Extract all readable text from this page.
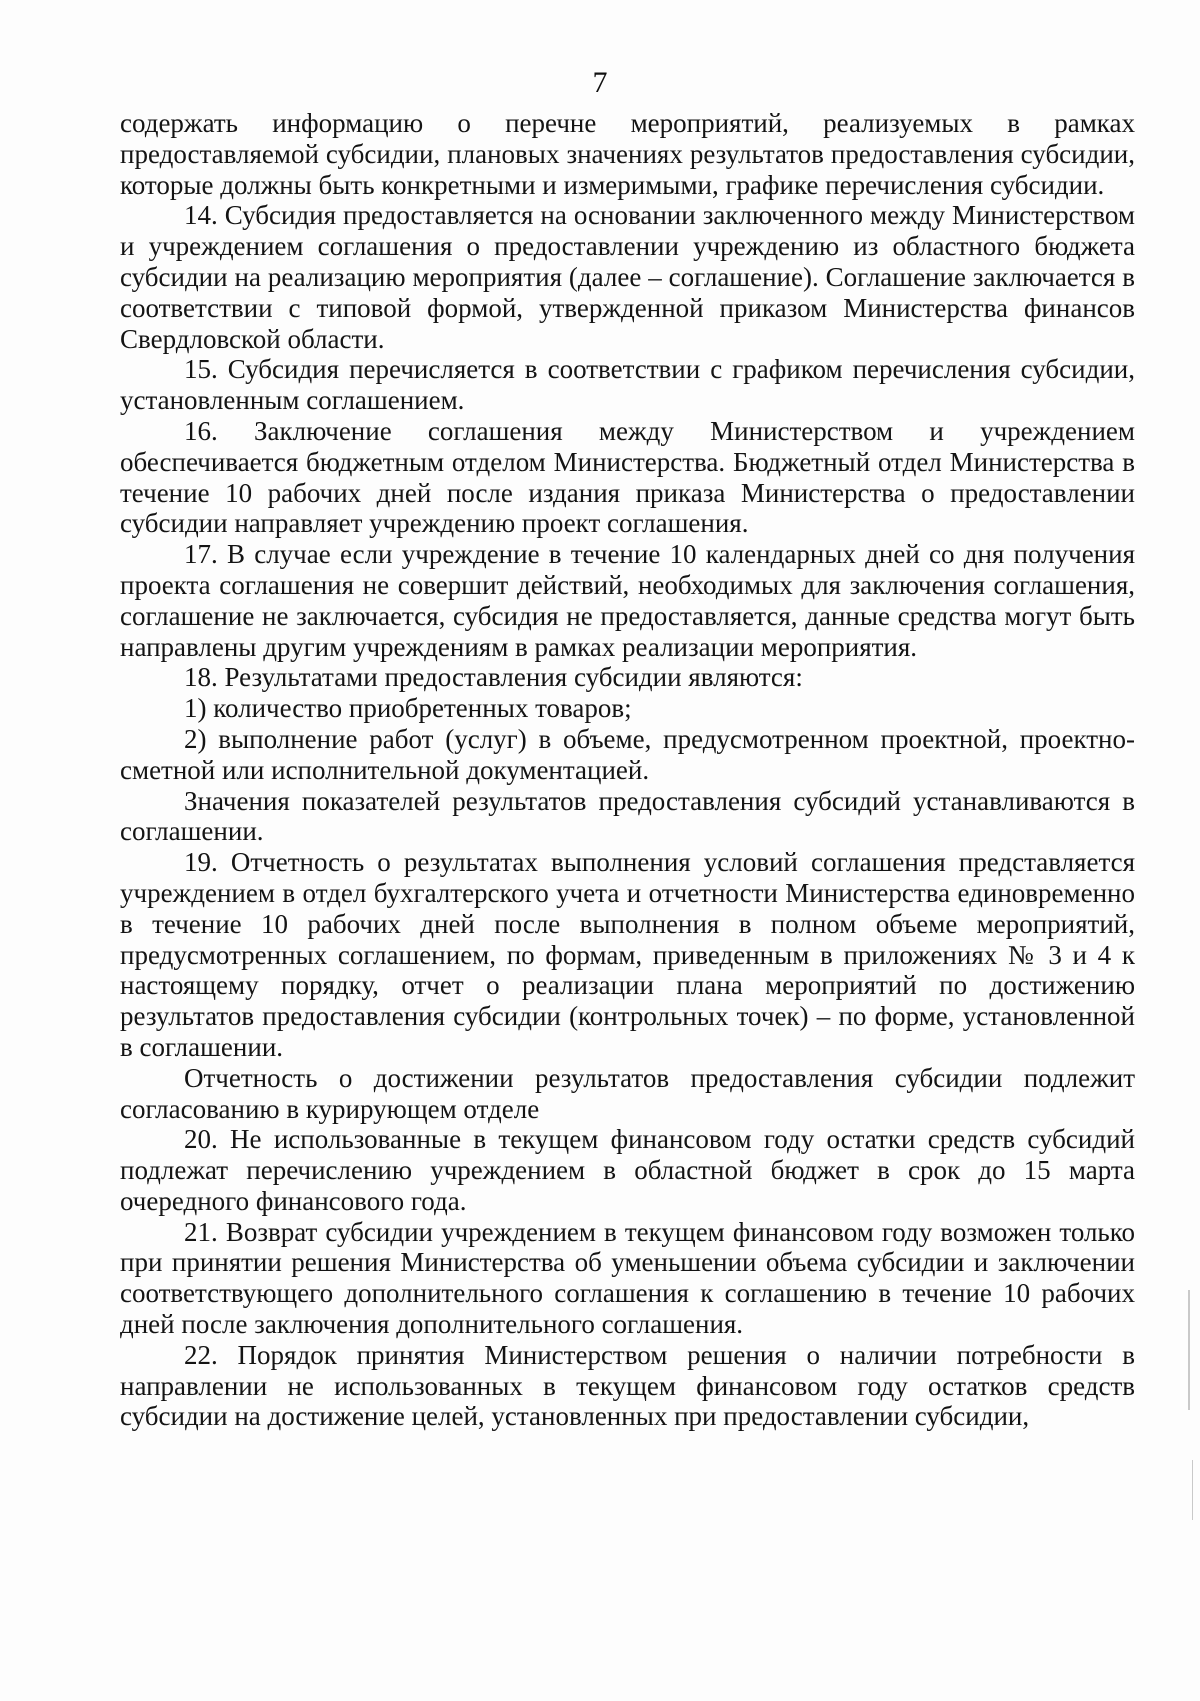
7

содержать информацию о перечне мероприятий, реализуемых в рамках предоставляемой субсидии, плановых значениях результатов предоставления субсидии, которые должны быть конкретными и измеримыми, графике перечисления субсидии.

14. Субсидия предоставляется на основании заключенного между Министерством и учреждением соглашения о предоставлении учреждению из областного бюджета субсидии на реализацию мероприятия (далее – соглашение). Соглашение заключается в соответствии с типовой формой, утвержденной приказом Министерства финансов Свердловской области.

15. Субсидия перечисляется в соответствии с графиком перечисления субсидии, установленным соглашением.

16. Заключение соглашения между Министерством и учреждением обеспечивается бюджетным отделом Министерства. Бюджетный отдел Министерства в течение 10 рабочих дней после издания приказа Министерства о предоставлении субсидии направляет учреждению проект соглашения.

17. В случае если учреждение в течение 10 календарных дней со дня получения проекта соглашения не совершит действий, необходимых для заключения соглашения, соглашение не заключается, субсидия не предоставляется, данные средства могут быть направлены другим учреждениям в рамках реализации мероприятия.

18. Результатами предоставления субсидии являются:

1) количество приобретенных товаров;

2) выполнение работ (услуг) в объеме, предусмотренном проектной, проектно-сметной или исполнительной документацией.

Значения показателей результатов предоставления субсидий устанавливаются в соглашении.

19. Отчетность о результатах выполнения условий соглашения представляется учреждением в отдел бухгалтерского учета и отчетности Министерства единовременно в течение 10 рабочих дней после выполнения в полном объеме мероприятий, предусмотренных соглашением, по формам, приведенным в приложениях № 3 и 4 к настоящему порядку, отчет о реализации плана мероприятий по достижению результатов предоставления субсидии (контрольных точек) – по форме, установленной в соглашении.

Отчетность о достижении результатов предоставления субсидии подлежит согласованию в курирующем отделе

20. Не использованные в текущем финансовом году остатки средств субсидий подлежат перечислению учреждением в областной бюджет в срок до 15 марта очередного финансового года.

21. Возврат субсидии учреждением в текущем финансовом году возможен только при принятии решения Министерства об уменьшении объема субсидии и заключении соответствующего дополнительного соглашения к соглашению в течение 10 рабочих дней после заключения дополнительного соглашения.

22. Порядок принятия Министерством решения о наличии потребности в направлении не использованных в текущем финансовом году остатков средств субсидии на достижение целей, установленных при предоставлении субсидии,
